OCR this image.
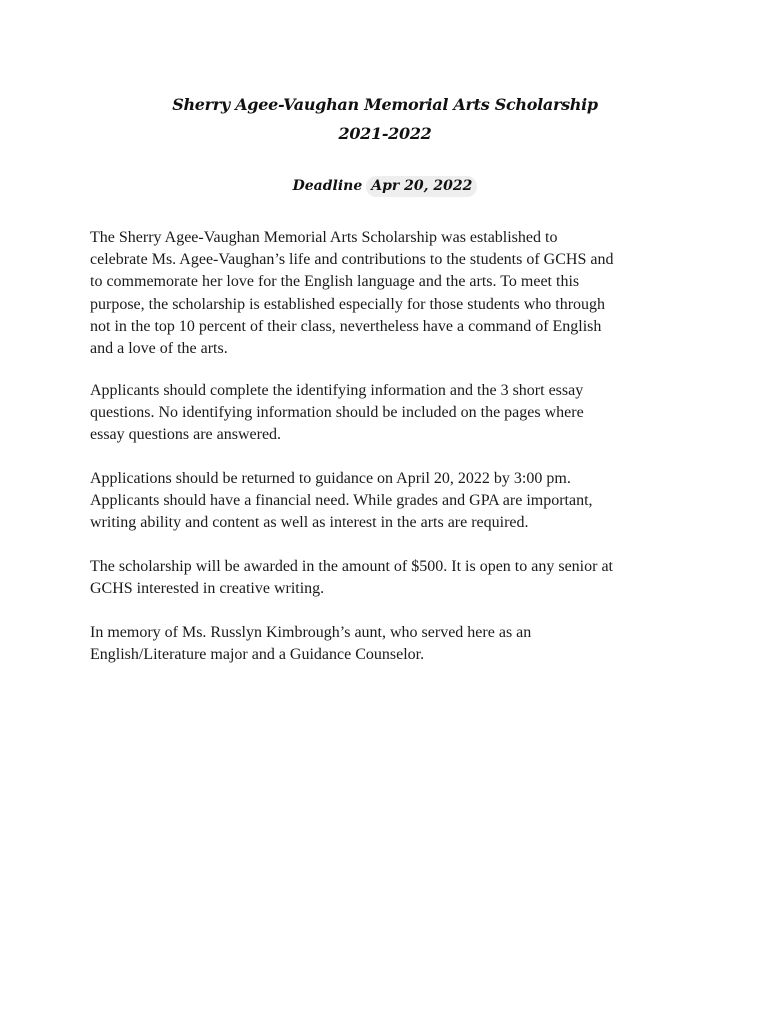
Sherry Agee-Vaughan Memorial Arts Scholarship
2021-2022
Deadline Apr 20, 2022
The Sherry Agee-Vaughan Memorial Arts Scholarship was established to
celebrate Ms. Agee-Vaughan’s life and contributions to the students of GCHS and
to commemorate her love for the English language and the arts. To meet this
purpose, the scholarship is established especially for those students who through
not in the top 10 percent of their class, nevertheless have a command of English
and a love of the arts.
Applicants should complete the identifying information and the 3 short essay
questions. No identifying information should be included on the pages where
essay questions are answered.
Applications should be returned to guidance on April 20, 2022 by 3:00 pm.
Applicants should have a financial need. While grades and GPA are important,
writing ability and content as well as interest in the arts are required.
The scholarship will be awarded in the amount of $500. It is open to any senior at
GCHS interested in creative writing.
In memory of Ms. Russlyn Kimbrough’s aunt, who served here as an
English/Literature major and a Guidance Counselor.
